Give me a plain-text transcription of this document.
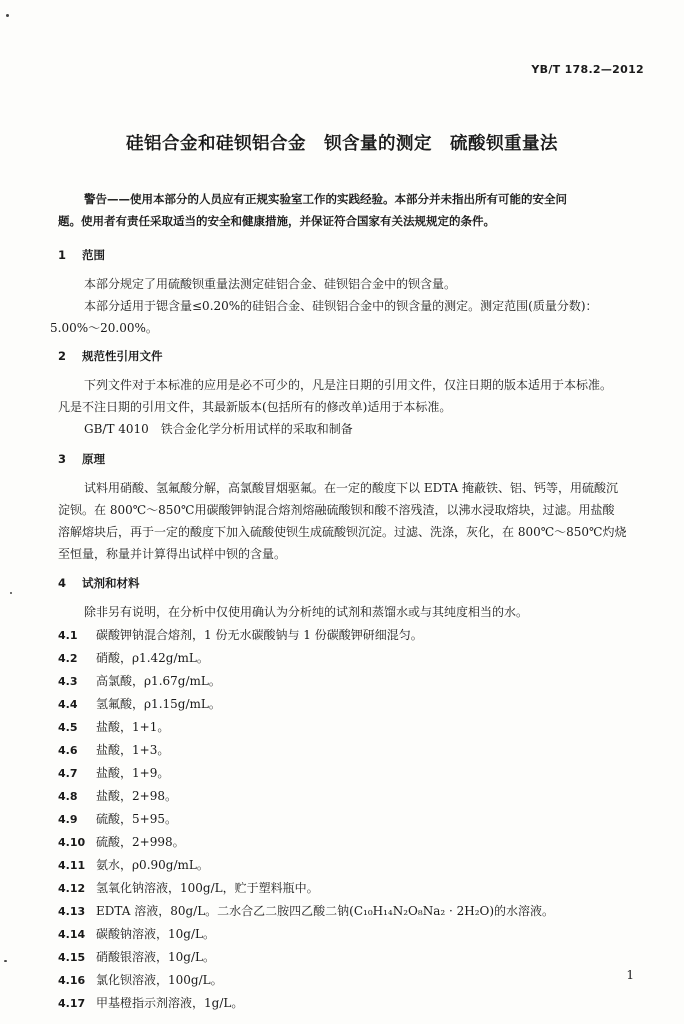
YB/T 178.2—2012
硅铝合金和硅钡铝合金　钡含量的测定　硫酸钡重量法
警告——使用本部分的人员应有正规实验室工作的实践经验。本部分并未指出所有可能的安全问
题。使用者有责任采取适当的安全和健康措施，并保证符合国家有关法规规定的条件。
1 范围
本部分规定了用硫酸钡重量法测定硅铝合金、硅钡铝合金中的钡含量。
本部分适用于锶含量≤0.20%的硅铝合金、硅钡铝合金中的钡含量的测定。测定范围(质量分数)：
5.00%～20.00%。
2 规范性引用文件
下列文件对于本标准的应用是必不可少的，凡是注日期的引用文件，仅注日期的版本适用于本标准。
凡是不注日期的引用文件，其最新版本(包括所有的修改单)适用于本标准。
GB/T 4010　铁合金化学分析用试样的采取和制备
3 原理
试料用硝酸、氢氟酸分解，高氯酸冒烟驱氟。在一定的酸度下以 EDTA 掩蔽铁、铝、钙等，用硫酸沉
淀钡。在 800℃～850℃用碳酸钾钠混合熔剂熔融硫酸钡和酸不溶残渣，以沸水浸取熔块，过滤。用盐酸
溶解熔块后，再于一定的酸度下加入硫酸使钡生成硫酸钡沉淀。过滤、洗涤，灰化，在 800℃～850℃灼烧
至恒量，称量并计算得出试样中钡的含量。
4 试剂和材料
除非另有说明，在分析中仅使用确认为分析纯的试剂和蒸馏水或与其纯度相当的水。
4.1 碳酸钾钠混合熔剂，1 份无水碳酸钠与 1 份碳酸钾研细混匀。
4.2 硝酸，ρ1.42g/mL。
4.3 高氯酸，ρ1.67g/mL。
4.4 氢氟酸，ρ1.15g/mL。
4.5 盐酸，1+1。
4.6 盐酸，1+3。
4.7 盐酸，1+9。
4.8 盐酸，2+98。
4.9 硫酸，5+95。
4.10 硫酸，2+998。
4.11 氨水，ρ0.90g/mL。
4.12 氢氧化钠溶液，100g/L，贮于塑料瓶中。
4.13 EDTA 溶液，80g/L。二水合乙二胺四乙酸二钠(C₁₀H₁₄N₂O₈Na₂ · 2H₂O)的水溶液。
4.14 碳酸钠溶液，10g/L。
4.15 硝酸银溶液，10g/L。
4.16 氯化钡溶液，100g/L。
4.17 甲基橙指示剂溶液，1g/L。
1
